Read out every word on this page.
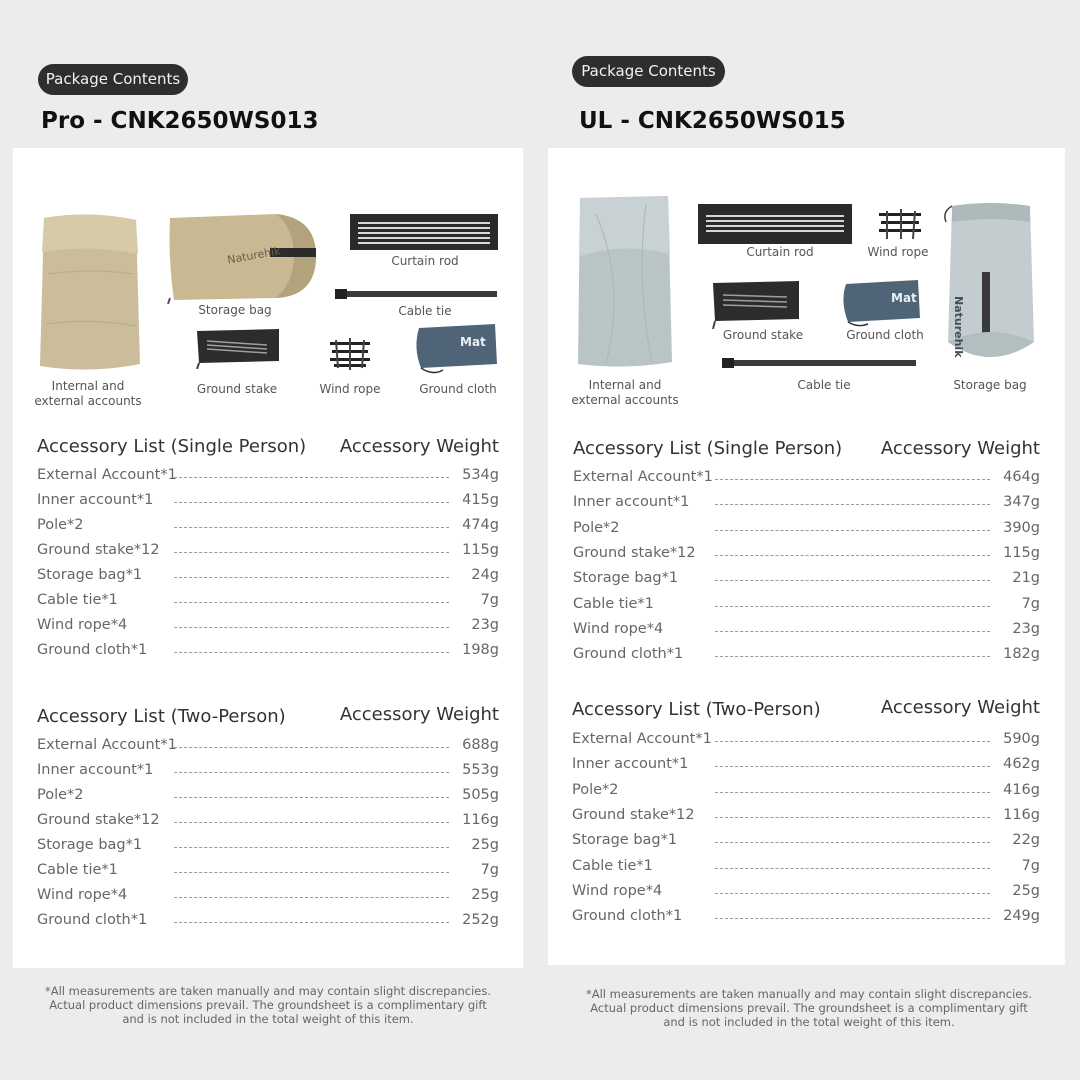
Package Contents
Pro - CNK2650WS013
Internal and
external accounts
Naturehik
Storage bag
Curtain rod
Cable tie
Ground stake	Wind rope
Mat
Ground cloth
Accessory List (Single Person) Accessory Weight
External Account*1	534g
Inner account*1	415g
Pole*2	474g
Ground stake*12	115g
Storage bag*1	24g
Cable tie*1	7g
Wind rope*4	23g
Ground cloth*1	198g
Accessory List (Two-Person)	Accessory Weight
External Account*1	688g
Inner account*1	553g
Pole*2	505g
Ground stake*12	116g
Storage bag*1	25g
Cable tie*1	7g
Wind rope*4	25g
Ground cloth*1	252g
*All measurements are taken manually and may contain slight discrepancies.
Actual product dimensions prevail. The groundsheet is a complimentary gift
and is not included in the total weight of this item.
Package Contents
UL - CNK2650WS015
Internal and
external accounts
Curtain rod	Wind rope
Ground stake
Mat
Ground cloth
Cable tie
Naturehik
Storage bag
Accessory List (Single Person) Accessory Weight
External Account*1	464g
Inner account*1	347g
Pole*2	390g
Ground stake*12	115g
Storage bag*1	21g
Cable tie*1	7g
Wind rope*4	23g
Ground cloth*1	182g
Accessory List (Two-Person)	Accessory Weight
External Account*1	590g
Inner account*1	462g
Pole*2	416g
Ground stake*12	116g
Storage bag*1	22g
Cable tie*1	7g
Wind rope*4	25g
Ground cloth*1	249g
*All measurements are taken manually and may contain slight discrepancies.
Actual product dimensions prevail. The groundsheet is a complimentary gift
and is not included in the total weight of this item.
